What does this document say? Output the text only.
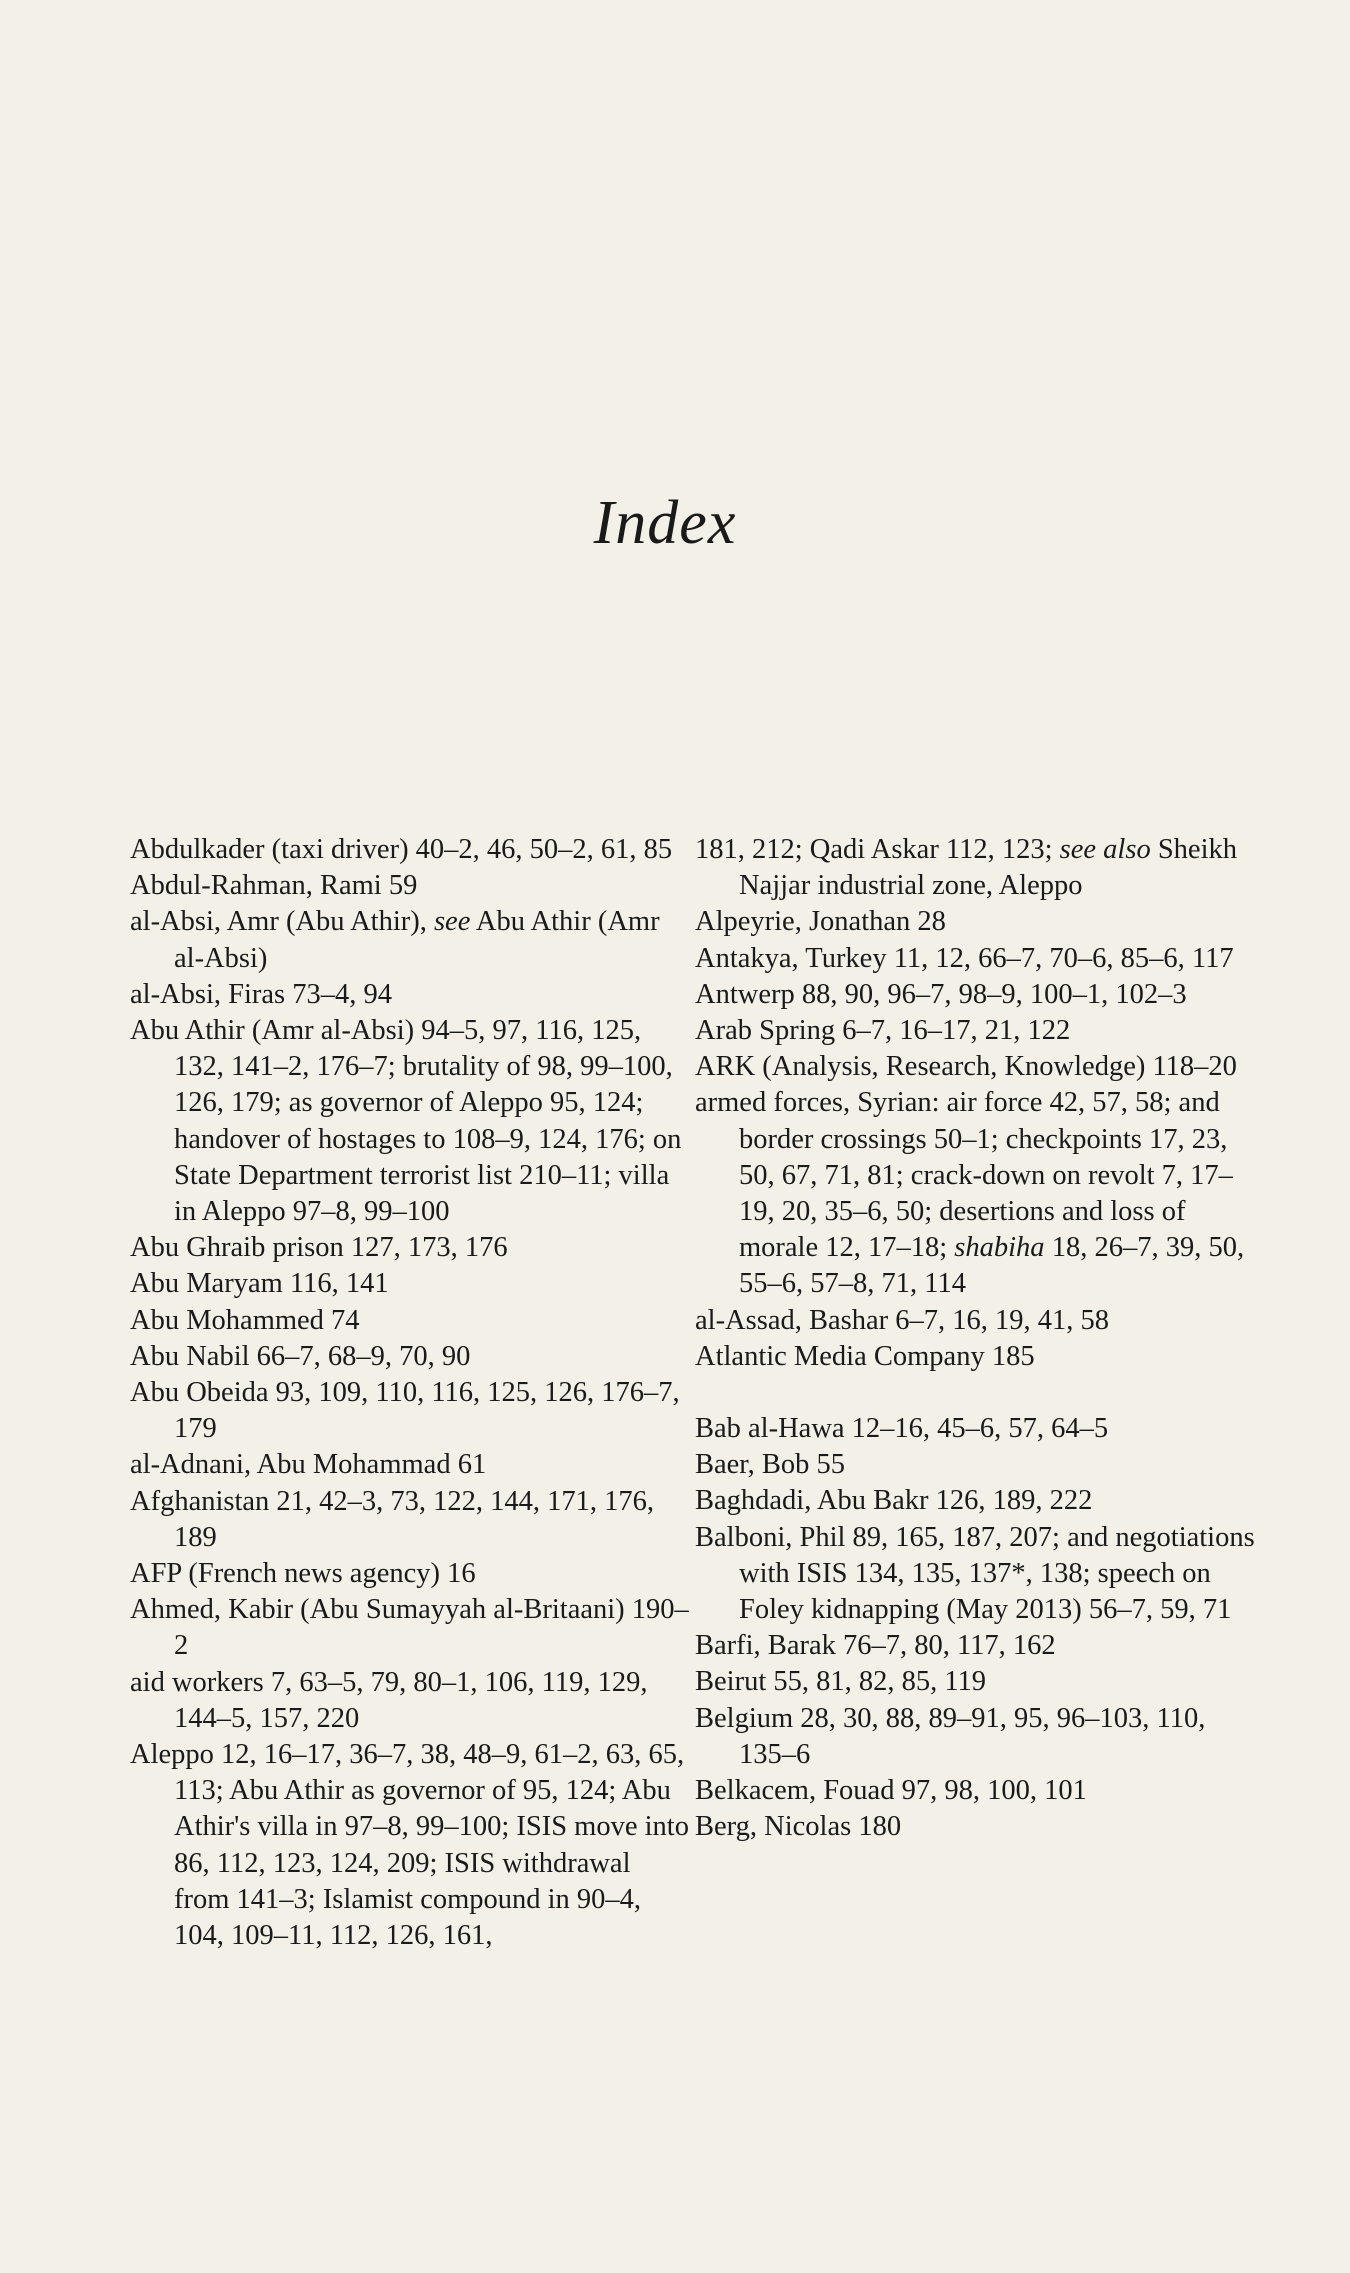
Index
Abdulkader (taxi driver) 40–2, 46, 50–2, 61, 85
Abdul-Rahman, Rami 59
al-Absi, Amr (Abu Athir), see Abu Athir (Amr al-Absi)
al-Absi, Firas 73–4, 94
Abu Athir (Amr al-Absi) 94–5, 97, 116, 125, 132, 141–2, 176–7; brutality of 98, 99–100, 126, 179; as governor of Aleppo 95, 124; handover of hostages to 108–9, 124, 176; on State Department terrorist list 210–11; villa in Aleppo 97–8, 99–100
Abu Ghraib prison 127, 173, 176
Abu Maryam 116, 141
Abu Mohammed 74
Abu Nabil 66–7, 68–9, 70, 90
Abu Obeida 93, 109, 110, 116, 125, 126, 176–7, 179
al-Adnani, Abu Mohammad 61
Afghanistan 21, 42–3, 73, 122, 144, 171, 176, 189
AFP (French news agency) 16
Ahmed, Kabir (Abu Sumayyah al-Britaani) 190–2
aid workers 7, 63–5, 79, 80–1, 106, 119, 129, 144–5, 157, 220
Aleppo 12, 16–17, 36–7, 38, 48–9, 61–2, 63, 65, 113; Abu Athir as governor of 95, 124; Abu Athir's villa in 97–8, 99–100; ISIS move into 86, 112, 123, 124, 209; ISIS withdrawal from 141–3; Islamist compound in 90–4, 104, 109–11, 112, 126, 161,
181, 212; Qadi Askar 112, 123; see also Sheikh Najjar industrial zone, Aleppo
Alpeyrie, Jonathan 28
Antakya, Turkey 11, 12, 66–7, 70–6, 85–6, 117
Antwerp 88, 90, 96–7, 98–9, 100–1, 102–3
Arab Spring 6–7, 16–17, 21, 122
ARK (Analysis, Research, Knowledge) 118–20
armed forces, Syrian: air force 42, 57, 58; and border crossings 50–1; checkpoints 17, 23, 50, 67, 71, 81; crack-down on revolt 7, 17–19, 20, 35–6, 50; desertions and loss of morale 12, 17–18; shabiha 18, 26–7, 39, 50, 55–6, 57–8, 71, 114
al-Assad, Bashar 6–7, 16, 19, 41, 58
Atlantic Media Company 185
Bab al-Hawa 12–16, 45–6, 57, 64–5
Baer, Bob 55
Baghdadi, Abu Bakr 126, 189, 222
Balboni, Phil 89, 165, 187, 207; and negotiations with ISIS 134, 135, 137*, 138; speech on Foley kidnapping (May 2013) 56–7, 59, 71
Barfi, Barak 76–7, 80, 117, 162
Beirut 55, 81, 82, 85, 119
Belgium 28, 30, 88, 89–91, 95, 96–103, 110, 135–6
Belkacem, Fouad 97, 98, 100, 101
Berg, Nicolas 180
